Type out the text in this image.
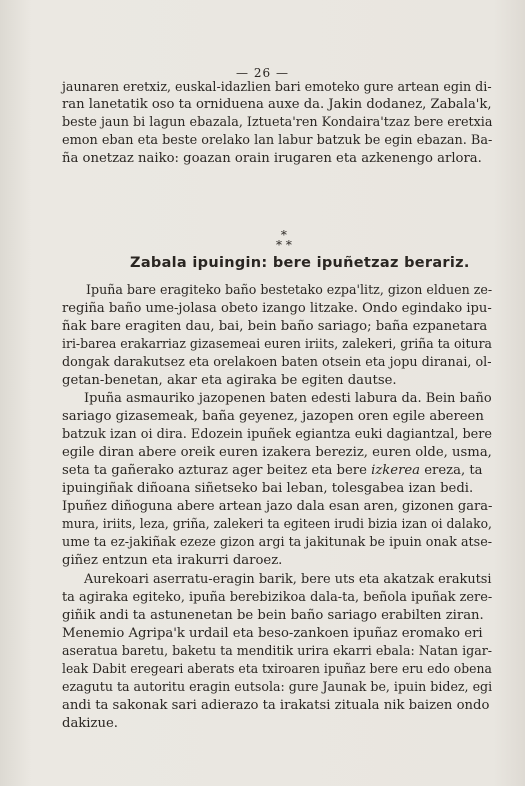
— 26 —
jaunaren eretxiz, euskal-idazlien bari emoteko gure artean egin di-
ran lanetatik oso ta orniduena auxe da. Jakin dodanez, Zabala'k,
beste jaun bi lagun ebazala, Iztueta'ren Kondaira'tzaz bere eretxia
emon eban eta beste orelako lan labur batzuk be egin ebazan. Ba-
ña onetzaz naiko: goazan orain irugaren eta azkenengo arlora.
*
* *
Zabala ipuingin: bere ipuñetzaz berariz.
Ipuña bare eragiteko baño bestetako ezpa'litz, gizon elduen ze-
regiña baño ume-jolasa obeto izango litzake. Ondo egindako ipu-
ñak bare eragiten dau, bai, bein baño sariago; baña ezpanetara
iri-barea erakarriaz gizasemeai euren iriits, zalekeri, griña ta oitura
dongak darakutsez eta orelakoen baten otsein eta jopu diranai, ol-
getan-benetan, akar eta agiraka be egiten dautse.
Ipuña asmauriko jazopenen baten edesti labura da. Bein baño
sariago gizasemeak, baña geyenez, jazopen oren egile abereen
batzuk izan oi dira. Edozein ipuñek egiantza euki dagiantzal, bere
egile diran abere oreik euren izakera bereziz, euren olde, usma,
seta ta gañerako azturaz ager beitez eta bere izkerea ereza, ta
ipuingiñak diñoana siñetseko bai leban, tolesgabea izan bedi.
Ipuñez diñoguna abere artean jazo dala esan aren, gizonen gara-
mura, iriits, leza, griña, zalekeri ta egiteen irudi bizia izan oi dalako,
ume ta ez-jakiñak ezeze gizon argi ta jakitunak be ipuin onak atse-
giñez entzun eta irakurri daroez.
Aurekoari aserratu-eragin barik, bere uts eta akatzak erakutsi
ta agiraka egiteko, ipuña berebizikoa dala-ta, beñola ipuñak zere-
giñik andi ta astunenetan be bein baño sariago erabilten ziran.
Menemio Agripa'k urdail eta beso-zankoen ipuñaz eromako eri
aseratua baretu, baketu ta menditik urira ekarri ebala: Natan igar-
leak Dabit eregeari aberats eta txiroaren ipuñaz bere eru edo obena
ezagutu ta autoritu eragin eutsola: gure Jaunak be, ipuin bidez, egi
andi ta sakonak sari adierazo ta irakatsi zituala nik baizen ondo
dakizue.
